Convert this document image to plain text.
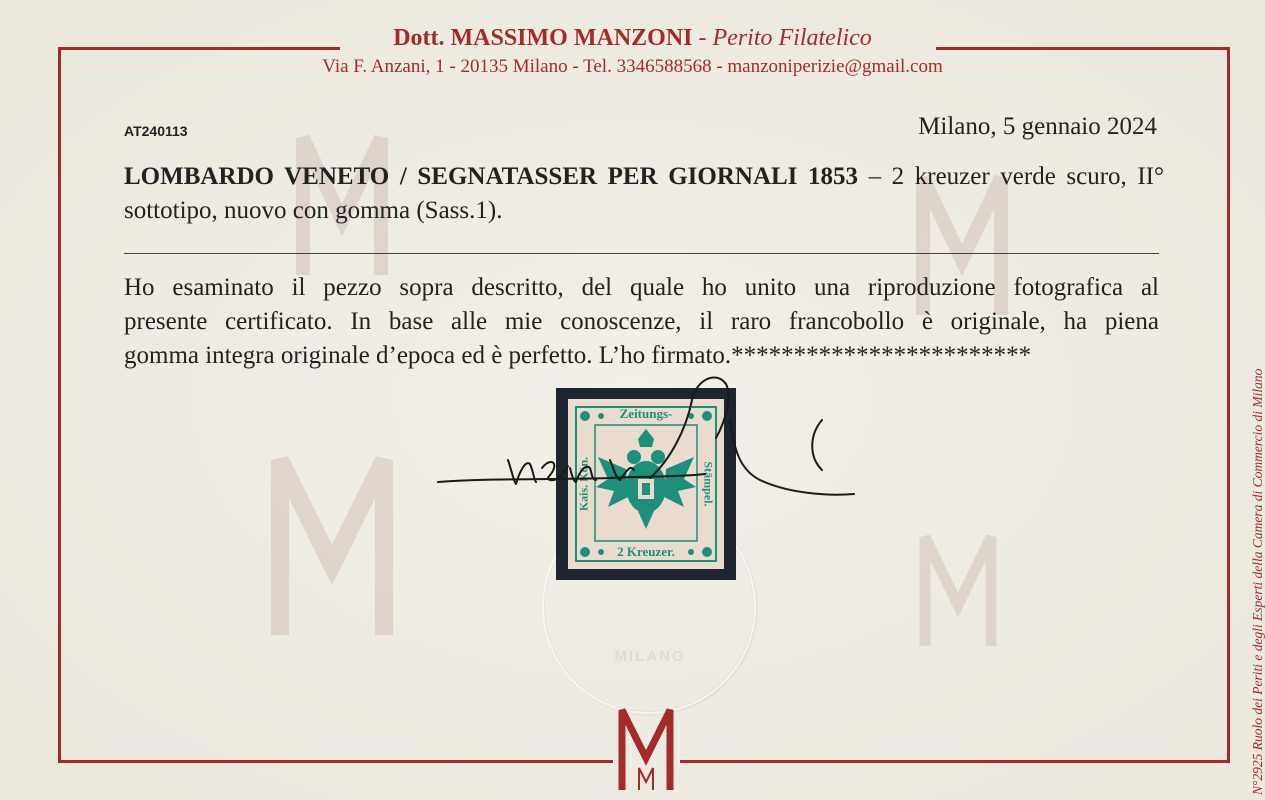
Dott. MASSIMO MANZONI - Perito Filatelico
Via F. Anzani, 1 - 20135 Milano - Tel. 3346588568 - manzoniperizie@gmail.com
AT240113	Milano, 5 gennaio 2024
LOMBARDO VENETO / SEGNATASSER PER GIORNALI 1853 – 2 kreuzer verde scuro, II° sottotipo, nuovo con gomma (Sass.1).
Ho esaminato il pezzo sopra descritto, del quale ho unito una riproduzione fotografica al
presente certificato. In base alle mie conoscenze, il raro francobollo è originale, ha piena
gomma integra originale d’epoca ed è perfetto. L’ho firmato.************************
MILANO
Zeitungs-
2 Kreuzer.
Kais. Kön.	Stämpel.	N°2925 Ruolo dei Periti e degli Esperti della Camera di Commercio di Milano
